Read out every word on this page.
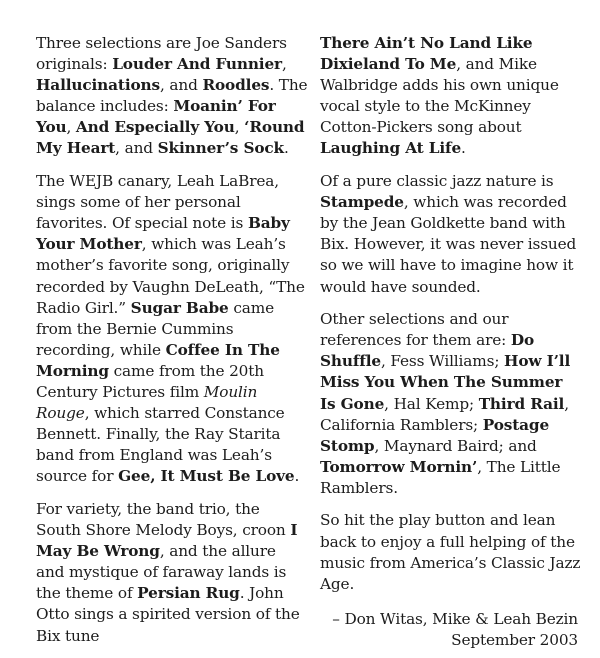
Three selections are Joe Sanders originals: Louder And Funnier, Hallucinations, and Roodles. The balance includes: Moanin’ For You, And Especially You, ‘Round My Heart, and Skinner’s Sock.

The WEJB canary, Leah LaBrea, sings some of her personal favorites. Of special note is Baby Your Mother, which was Leah’s mother’s favorite song, originally recorded by Vaughn DeLeath, “The Radio Girl.” Sugar Babe came from the Bernie Cummins recording, while Coffee In The Morning came from the 20th Century Pictures film Moulin Rouge, which starred Constance Bennett. Finally, the Ray Starita band from England was Leah’s source for Gee, It Must Be Love.

For variety, the band trio, the South Shore Melody Boys, croon I May Be Wrong, and the allure and mystique of faraway lands is the theme of Persian Rug. John Otto sings a spirited version of the Bix tune

There Ain’t No Land Like Dixieland To Me, and Mike Walbridge adds his own unique vocal style to the McKinney Cotton-Pickers song about Laughing At Life.

Of a pure classic jazz nature is Stampede, which was recorded by the Jean Goldkette band with Bix. However, it was never issued so we will have to imagine how it would have sounded.

Other selections and our references for them are: Do Shuffle, Fess Williams; How I’ll Miss You When The Summer Is Gone, Hal Kemp; Third Rail, California Ramblers; Postage Stomp, Maynard Baird; and Tomorrow Mornin’, The Little Ramblers.

So hit the play button and lean back to enjoy a full helping of the music from America’s Classic Jazz Age.

– Don Witas, Mike & Leah Bezin
September 2003
